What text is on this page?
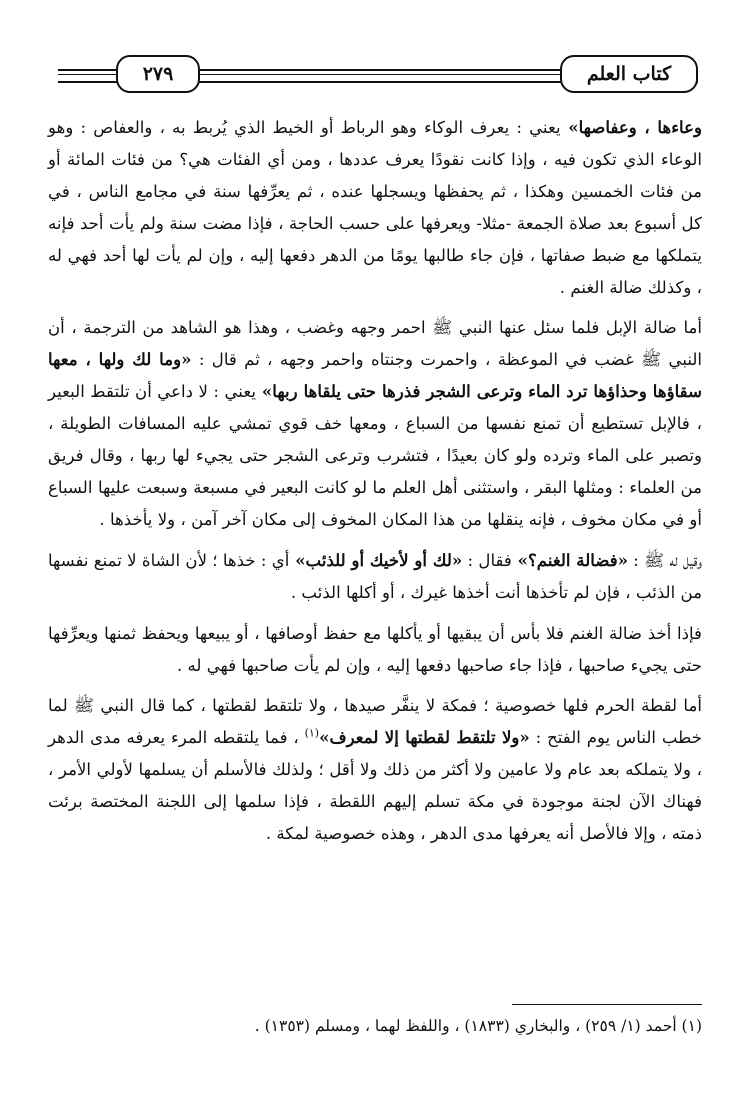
كتاب العلم
٢٧٩

وعاءها ، وعفاصها» يعني : يعرف الوكاء وهو الرباط أو الخيط الذي يُربط به ، والعفاص : وهو الوعاء الذي تكون فيه ، وإذا كانت نقودًا يعرف عددها ، ومن أي الفئات هي؟ من فئات المائة أو من فئات الخمسين وهكذا ، ثم يحفظها ويسجلها عنده ، ثم يعرِّفها سنة في مجامع الناس ، في كل أسبوع بعد صلاة الجمعة -مثلا- ويعرفها على حسب الحاجة ، فإذا مضت سنة ولم يأت أحد فإنه يتملكها مع ضبط صفاتها ، فإن جاء طالبها يومًا من الدهر دفعها إليه ، وإن لم يأت لها أحد فهي له ، وكذلك ضالة الغنم .

أما ضالة الإبل فلما سئل عنها النبي ﷺ احمر وجهه وغضب ، وهذا هو الشاهد من الترجمة ، أن النبي ﷺ غضب في الموعظة ، واحمرت وجنتاه واحمر وجهه ، ثم قال : «وما لك ولها ، معها سقاؤها وحذاؤها ترد الماء وترعى الشجر فذرها حتى يلقاها ربها» يعني : لا داعي أن تلتقط البعير ، فالإبل تستطيع أن تمنع نفسها من السباع ، ومعها خف قوي تمشي عليه المسافات الطويلة ، وتصبر على الماء وترده ولو كان بعيدًا ، فتشرب وترعى الشجر حتى يجيء لها ربها ، وقال فريق من العلماء : ومثلها البقر ، واستثنى أهل العلم ما لو كانت البعير في مسبعة وسبعت عليها السباع أو في مكان مخوف ، فإنه ينقلها من هذا المكان المخوف إلى مكان آخر آمن ، ولا يأخذها .

وقيل له ﷺ : «فضالة الغنم؟» فقال : «لك أو لأخيك أو للذئب» أي : خذها ؛ لأن الشاة لا تمنع نفسها من الذئب ، فإن لم تأخذها أنت أخذها غيرك ، أو أكلها الذئب .

فإذا أخذ ضالة الغنم فلا بأس أن يبقيها أو يأكلها مع حفظ أوصافها ، أو يبيعها ويحفظ ثمنها ويعرِّفها حتى يجيء صاحبها ، فإذا جاء صاحبها دفعها إليه ، وإن لم يأت صاحبها فهي له .

أما لقطة الحرم فلها خصوصية ؛ فمكة لا ينفَّر صيدها ، ولا تلتقط لقطتها ، كما قال النبي ﷺ لما خطب الناس يوم الفتح : «ولا تلتقط لقطتها إلا لمعرف»$^{(١)}$ ، فما يلتقطه المرء يعرفه مدى الدهر ، ولا يتملكه بعد عام ولا عامين ولا أكثر من ذلك ولا أقل ؛ ولذلك فالأسلم أن يسلمها لأولي الأمر ، فهناك الآن لجنة موجودة في مكة تسلم إليهم اللقطة ، فإذا سلمها إلى اللجنة المختصة برئت ذمته ، وإلا فالأصل أنه يعرفها مدى الدهر ، وهذه خصوصية لمكة .

(١) أحمد (١/ ٢٥٩) ، والبخاري (١٨٣٣) ، واللفظ لهما ، ومسلم (١٣٥٣) .
